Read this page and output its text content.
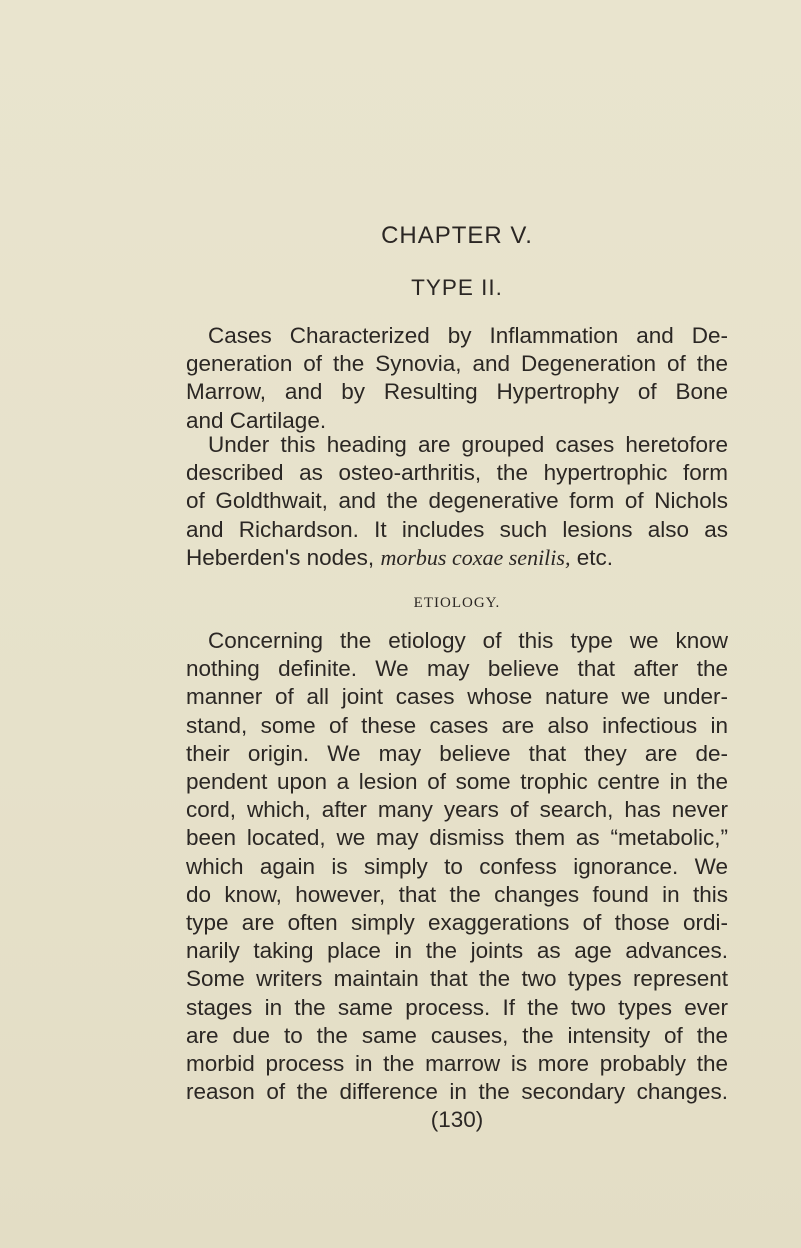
CHAPTER V.
TYPE II.
Cases Characterized by Inflammation and De-
generation of the Synovia, and Degeneration of the
Marrow, and by Resulting Hypertrophy of Bone
and Cartilage.
Under this heading are grouped cases heretofore
described as osteo-arthritis, the hypertrophic form
of Goldthwait, and the degenerative form of Nichols
and Richardson. It includes such lesions also as
Heberden's nodes, morbus coxae senilis, etc.
ETIOLOGY.
Concerning the etiology of this type we know
nothing definite. We may believe that after the
manner of all joint cases whose nature we under-
stand, some of these cases are also infectious in
their origin. We may believe that they are de-
pendent upon a lesion of some trophic centre in the
cord, which, after many years of search, has never
been located, we may dismiss them as “metabolic,”
which again is simply to confess ignorance. We
do know, however, that the changes found in this
type are often simply exaggerations of those ordi-
narily taking place in the joints as age advances.
Some writers maintain that the two types represent
stages in the same process. If the two types ever
are due to the same causes, the intensity of the
morbid process in the marrow is more probably the
reason of the difference in the secondary changes.
(130)
